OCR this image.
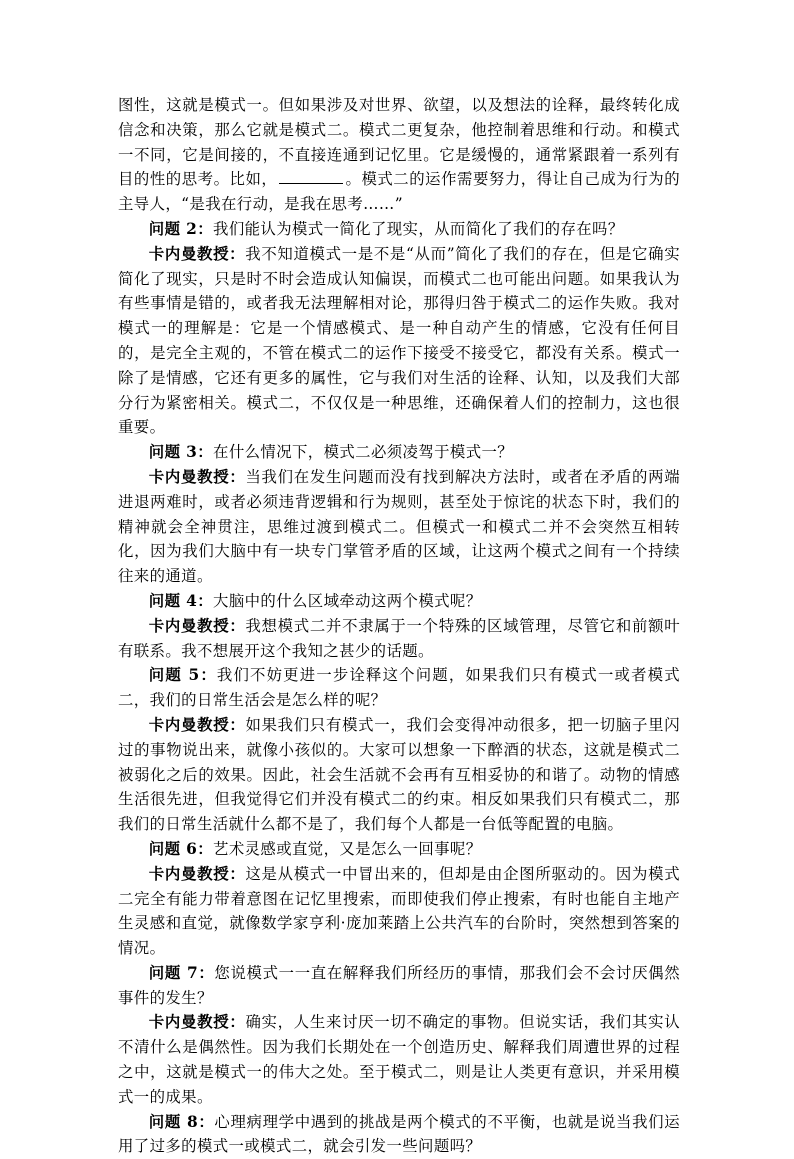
图性，这就是模式一。但如果涉及对世界、欲望，以及想法的诠释，最终转化成信念和决策，那么它就是模式二。模式二更复杂，他控制着思维和行动。和模式一不同，它是间接的，不直接连通到记忆里。它是缓慢的，通常紧跟着一系列有目的性的思考。比如，	。模式二的运作需要努力，得让自己成为行为的主导人，“是我在行动，是我在思考……”

问题 2：我们能认为模式一简化了现实，从而简化了我们的存在吗？

卡内曼教授：我不知道模式一是不是“从而”简化了我们的存在，但是它确实简化了现实，只是时不时会造成认知偏误，而模式二也可能出问题。如果我认为有些事情是错的，或者我无法理解相对论，那得归咎于模式二的运作失败。我对模式一的理解是：它是一个情感模式、是一种自动产生的情感，它没有任何目的，是完全主观的，不管在模式二的运作下接受不接受它，都没有关系。模式一除了是情感，它还有更多的属性，它与我们对生活的诠释、认知，以及我们大部分行为紧密相关。模式二，不仅仅是一种思维，还确保着人们的控制力，这也很重要。

问题 3：在什么情况下，模式二必须凌驾于模式一？

卡内曼教授：当我们在发生问题而没有找到解决方法时，或者在矛盾的两端进退两难时，或者必须违背逻辑和行为规则，甚至处于惊诧的状态下时，我们的精神就会全神贯注，思维过渡到模式二。但模式一和模式二并不会突然互相转化，因为我们大脑中有一块专门掌管矛盾的区域，让这两个模式之间有一个持续往来的通道。

问题 4：大脑中的什么区域牵动这两个模式呢？

卡内曼教授：我想模式二并不隶属于一个特殊的区域管理，尽管它和前额叶有联系。我不想展开这个我知之甚少的话题。

问题 5：我们不妨更进一步诠释这个问题，如果我们只有模式一或者模式二，我们的日常生活会是怎么样的呢？

卡内曼教授：如果我们只有模式一，我们会变得冲动很多，把一切脑子里闪过的事物说出来，就像小孩似的。大家可以想象一下醉酒的状态，这就是模式二被弱化之后的效果。因此，社会生活就不会再有互相妥协的和谐了。动物的情感生活很先进，但我觉得它们并没有模式二的约束。相反如果我们只有模式二，那我们的日常生活就什么都不是了，我们每个人都是一台低等配置的电脑。

问题 6：艺术灵感或直觉，又是怎么一回事呢？

卡内曼教授：这是从模式一中冒出来的，但却是由企图所驱动的。因为模式二完全有能力带着意图在记忆里搜索，而即使我们停止搜索，有时也能自主地产生灵感和直觉，就像数学家亨利·庞加莱踏上公共汽车的台阶时，突然想到答案的情况。

问题 7：您说模式一一直在解释我们所经历的事情，那我们会不会讨厌偶然事件的发生？

卡内曼教授：确实，人生来讨厌一切不确定的事物。但说实话，我们其实认不清什么是偶然性。因为我们长期处在一个创造历史、解释我们周遭世界的过程之中，这就是模式一的伟大之处。至于模式二，则是让人类更有意识，并采用模式一的成果。

问题 8：心理病理学中遇到的挑战是两个模式的不平衡，也就是说当我们运用了过多的模式一或模式二，就会引发一些问题吗？
